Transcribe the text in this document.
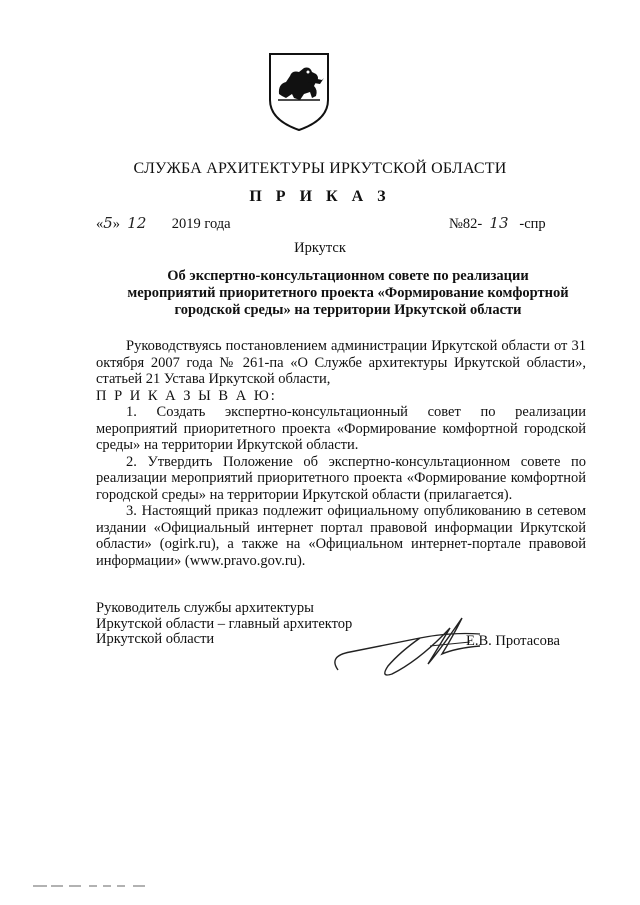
СЛУЖБА АРХИТЕКТУРЫ ИРКУТСКОЙ ОБЛАСТИ
П Р И К А З
«5»  12 2019 года	№82- 13 -спр
Иркутск
Об экспертно-консультационном совете по реализации
мероприятий приоритетного проекта «Формирование комфортной
городской среды» на территории Иркутской области

Руководствуясь постановлением администрации Иркутской области от 31 октября 2007 года № 261-па «О Службе архитектуры Иркутской области», статьей 21 Устава Иркутской области,

П Р И К А З Ы В А Ю:

1. Создать экспертно-консультационный совет по реализации мероприятий приоритетного проекта «Формирование комфортной городской среды» на территории Иркутской области.

2. Утвердить Положение об экспертно-консультационном совете по реализации мероприятий приоритетного проекта «Формирование комфортной городской среды» на территории Иркутской области (прилагается).

3. Настоящий приказ подлежит официальному опубликованию в сетевом издании «Официальный интернет портал правовой информации Иркутской области» (ogirk.ru), а также на «Официальном интернет-портале правовой информации» (www.pravo.gov.ru).

Руководитель службы архитектуры
Иркутской области – главный архитектор
Иркутской области	Е.В. Протасова
